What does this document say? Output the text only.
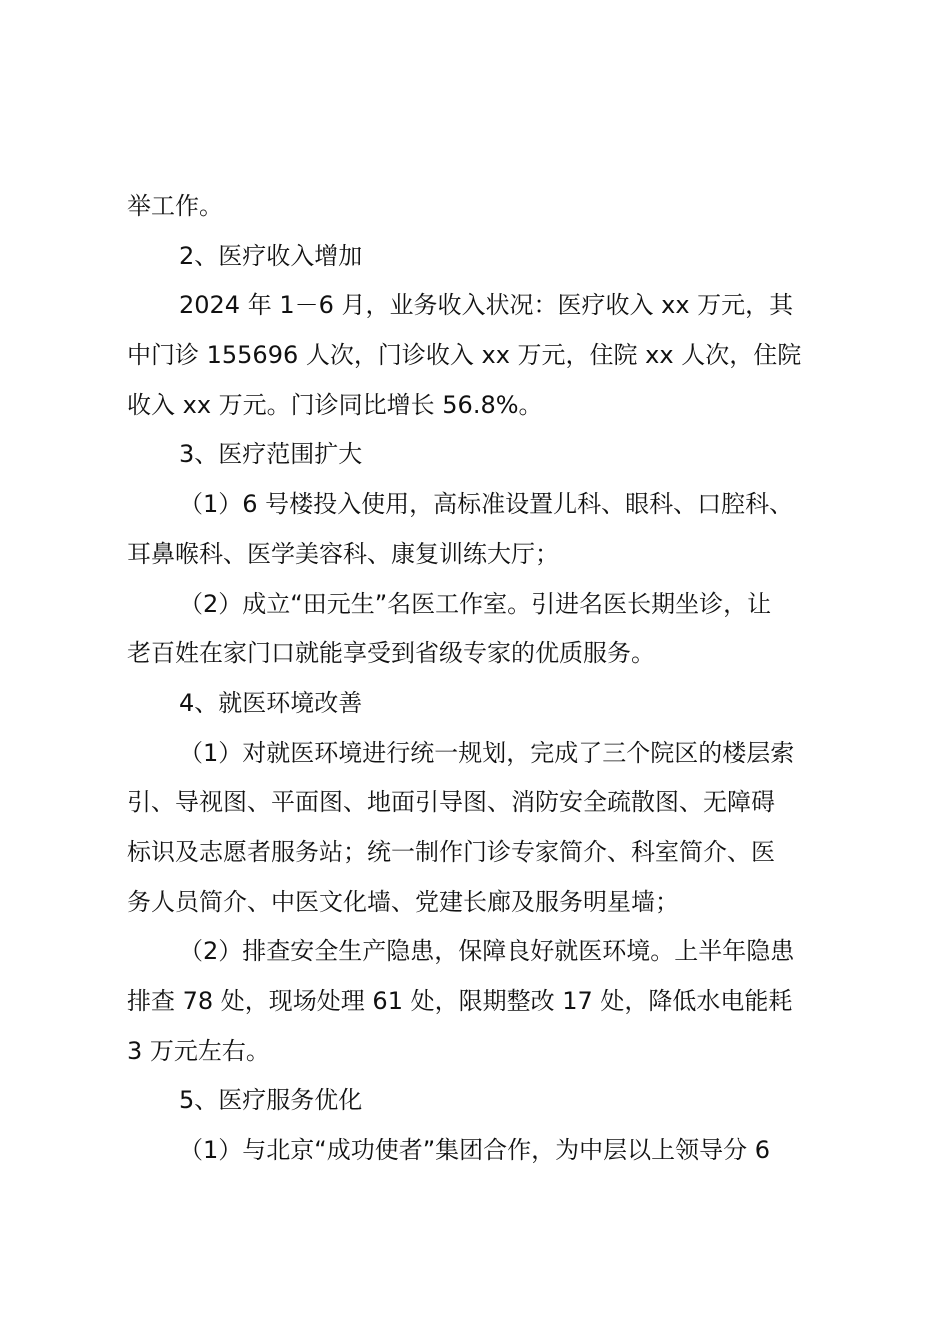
举工作。
2、医疗收入增加
2024 年 1－6 月，业务收入状况：医疗收入 xx 万元，其
中门诊 155696 人次，门诊收入 xx 万元，住院 xx 人次，住院
收入 xx 万元。门诊同比增长 56.8%。
3、医疗范围扩大
（1）6 号楼投入使用，高标准设置儿科、眼科、口腔科、
耳鼻喉科、医学美容科、康复训练大厅；
（2）成立“田元生”名医工作室。引进名医长期坐诊，让
老百姓在家门口就能享受到省级专家的优质服务。
4、就医环境改善
（1）对就医环境进行统一规划，完成了三个院区的楼层索
引、导视图、平面图、地面引导图、消防安全疏散图、无障碍
标识及志愿者服务站；统一制作门诊专家简介、科室简介、医
务人员简介、中医文化墙、党建长廊及服务明星墙；
（2）排查安全生产隐患，保障良好就医环境。上半年隐患
排查 78 处，现场处理 61 处，限期整改 17 处，降低水电能耗
3 万元左右。
5、医疗服务优化
（1）与北京“成功使者”集团合作，为中层以上领导分 6
